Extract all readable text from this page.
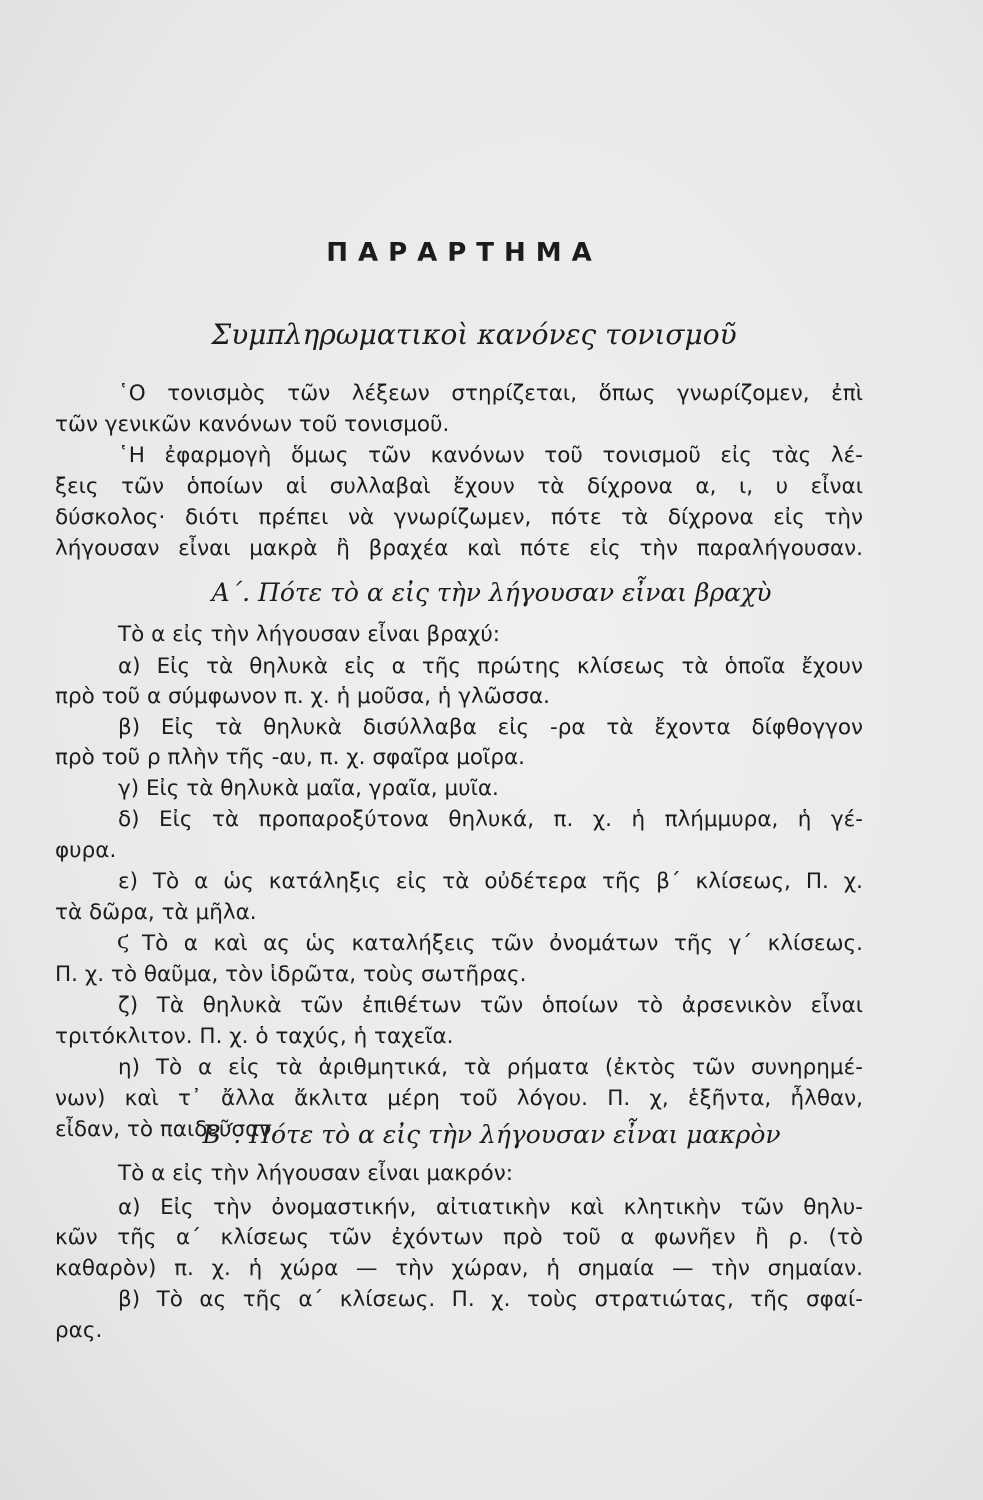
ΠΑΡΑΡΤΗΜΑ
Συμπληρωματικοὶ κανόνες τονισμοῦ
῾Ο τονισμὸς τῶν λέξεων στηρίζεται, ὅπως γνωρίζομεν, ἐπὶ
τῶν γενικῶν κανόνων τοῦ τονισμοῦ.
῾Η ἐφαρμογὴ ὅμως τῶν κανόνων τοῦ τονισμοῦ εἰς τὰς λέ-
ξεις τῶν ὁποίων αἱ συλλαβαὶ ἔχουν τὰ δίχρονα α, ι, υ εἶναι
δύσκολος· διότι πρέπει νὰ γνωρίζωμεν, πότε τὰ δίχρονα εἰς τὴν
λήγουσαν εἶναι μακρὰ ἢ βραχέα καὶ πότε εἰς τὴν παραλήγουσαν.
Α΄. Πότε τὸ α εἰς τὴν λήγουσαν εἶναι βραχὺ
Τὸ α εἰς τὴν λήγουσαν εἶναι βραχύ:
α) Εἰς τὰ θηλυκὰ εἰς α τῆς πρώτης κλίσεως τὰ ὁποῖα ἔχουν
πρὸ τοῦ α σύμφωνον π. χ. ἡ μοῦσα, ἡ γλῶσσα.
β) Εἰς τὰ θηλυκὰ δισύλλαβα εἰς -ρα τὰ ἔχοντα δίφθογγον
πρὸ τοῦ ρ πλὴν τῆς -αυ, π. χ. σφαῖρα μοῖρα.
γ) Εἰς τὰ θηλυκὰ μαῖα, γραῖα, μυῖα.
δ) Εἰς τὰ προπαροξύτονα θηλυκά, π. χ. ἡ πλήμμυρα, ἡ γέ-
φυρα.
ε) Τὸ α ὡς κατάληξις εἰς τὰ οὐδέτερα τῆς β΄ κλίσεως, Π. χ.
τὰ δῶρα, τὰ μῆλα.
ϛ Τὸ α καὶ ας ὡς καταλήξεις τῶν ὀνομάτων τῆς γ΄ κλίσεως.
Π. χ. τὸ θαῦμα, τὸν ἱδρῶτα, τοὺς σωτῆρας.
ζ) Τὰ θηλυκὰ τῶν ἐπιθέτων τῶν ὁποίων τὸ ἀρσενικὸν εἶναι
τριτόκλιτον. Π. χ. ὁ ταχύς, ἡ ταχεῖα.
η) Τὸ α εἰς τὰ ἀριθμητικά, τὰ ρήματα (ἐκτὸς τῶν συνηρημέ-
νων) καὶ τ᾿ ἄλλα ἄκλιτα μέρη τοῦ λόγου. Π. χ, ἑξῆντα, ἦλθαν,
εἶδαν, τὸ παιδεῦσαν.
Β΄. Πότε τὸ α εἰς τὴν λήγουσαν εἶναι μακρὸν
Τὸ α εἰς τὴν λήγουσαν εἶναι μακρόν:
α) Εἰς τὴν ὀνομαστικήν, αἰτιατικὴν καὶ κλητικὴν τῶν θηλυ-
κῶν τῆς α΄ κλίσεως τῶν ἐχόντων πρὸ τοῦ α φωνῆεν ἢ ρ. (τὸ
καθαρὸν) π. χ. ἡ χώρα — τὴν χώραν, ἡ σημαία — τὴν σημαίαν.
β) Τὸ ας τῆς α΄ κλίσεως. Π. χ. τοὺς στρατιώτας, τῆς σφαί-
ρας.
